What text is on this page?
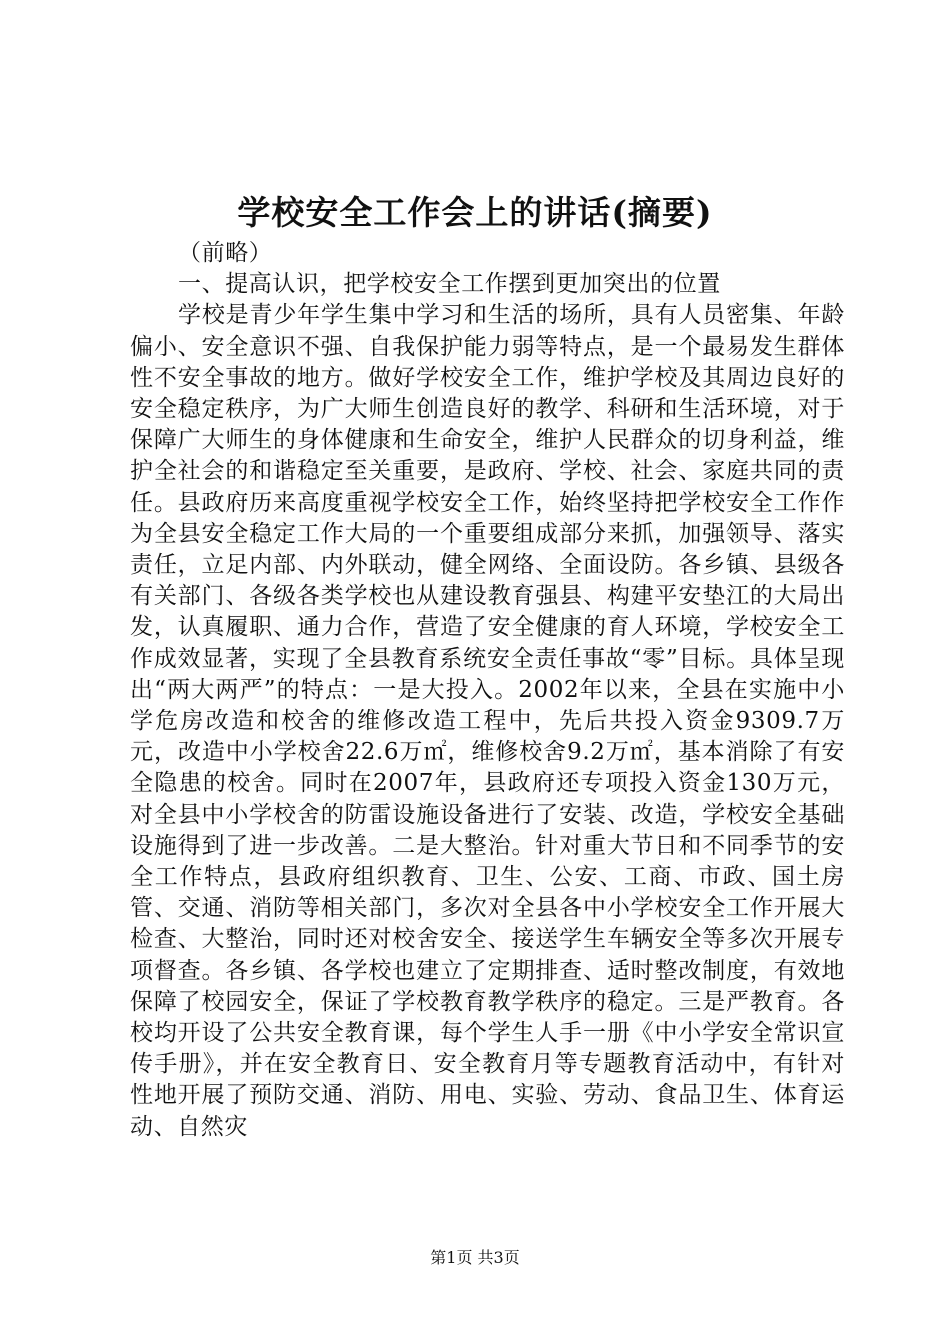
学校安全工作会上的讲话(摘要)

（前略）

一、提高认识，把学校安全工作摆到更加突出的位置

学校是青少年学生集中学习和生活的场所，具有人员密集、年龄偏小、安全意识不强、自我保护能力弱等特点，是一个最易发生群体性不安全事故的地方。做好学校安全工作，维护学校及其周边良好的安全稳定秩序，为广大师生创造良好的教学、科研和生活环境，对于保障广大师生的身体健康和生命安全，维护人民群众的切身利益，维护全社会的和谐稳定至关重要，是政府、学校、社会、家庭共同的责任。县政府历来高度重视学校安全工作，始终坚持把学校安全工作作为全县安全稳定工作大局的一个重要组成部分来抓，加强领导、落实责任，立足内部、内外联动，健全网络、全面设防。各乡镇、县级各有关部门、各级各类学校也从建设教育强县、构建平安垫江的大局出发，认真履职、通力合作，营造了安全健康的育人环境，学校安全工作成效显著，实现了全县教育系统安全责任事故“零”目标。具体呈现出“两大两严”的特点：一是大投入。2002年以来，全县在实施中小学危房改造和校舍的维修改造工程中，先后共投入资金9309.7万元，改造中小学校舍22.6万㎡，维修校舍9.2万㎡，基本消除了有安全隐患的校舍。同时在2007年，县政府还专项投入资金130万元，对全县中小学校舍的防雷设施设备进行了安装、改造，学校安全基础设施得到了进一步改善。二是大整治。针对重大节日和不同季节的安全工作特点，县政府组织教育、卫生、公安、工商、市政、国土房管、交通、消防等相关部门，多次对全县各中小学校安全工作开展大检查、大整治，同时还对校舍安全、接送学生车辆安全等多次开展专项督查。各乡镇、各学校也建立了定期排查、适时整改制度，有效地保障了校园安全，保证了学校教育教学秩序的稳定。三是严教育。各校均开设了公共安全教育课，每个学生人手一册《中小学安全常识宣传手册》，并在安全教育日、安全教育月等专题教育活动中，有针对性地开展了预防交通、消防、用电、实验、劳动、食品卫生、体育运动、自然灾

第1页 共3页
